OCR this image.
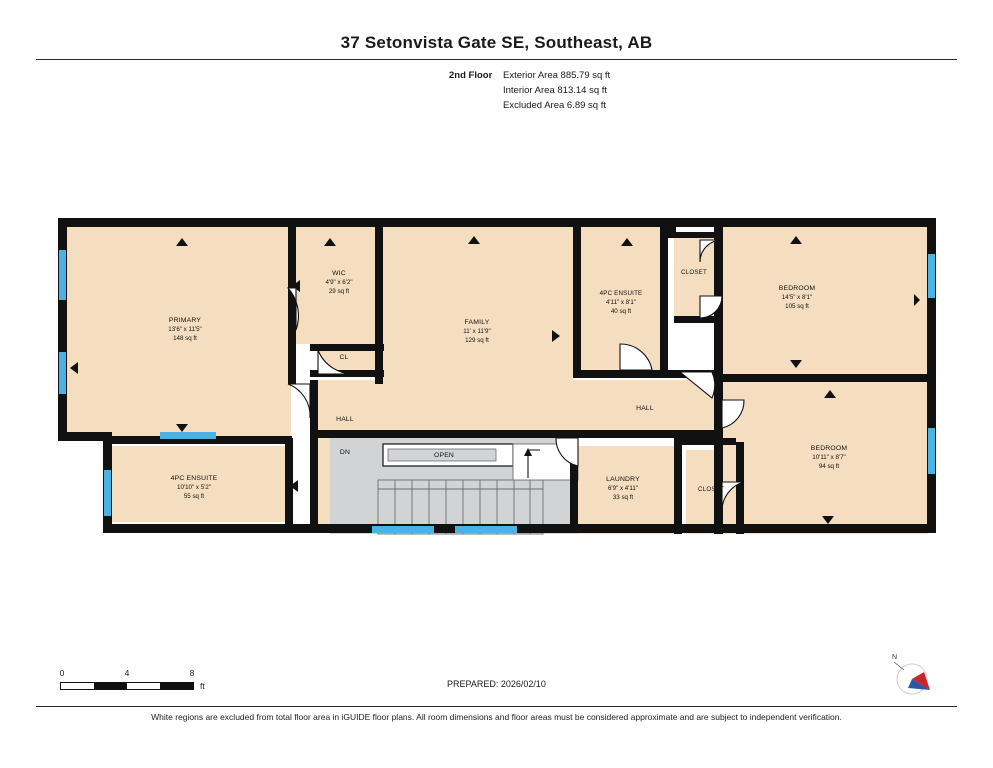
37 Setonvista Gate SE, Southeast, AB
2nd Floor Exterior Area 885.79 sq ft
Interior Area 813.14 sq ft
Excluded Area 6.89 sq ft
PRIMARY
13'6" x 11'5"
148 sq ft
WIC
4'9" x 6'2"
29 sq ft
CL
FAMILY
11' x 11'9"
129 sq ft
4PC ENSUITE
4'11" x 8'1"
40 sq ft
CLOSET
BEDROOM
14'5" x 8'1"
105 sq ft
HALL
HALL
DN	OPEN
4PC ENSUITE
10'10" x 5'2"
55 sq ft
LAUNDRY
6'9" x 4'11"
33 sq ft
CLOSET
BEDROOM
10'11" x 8'7"
94 sq ft
0	4	8
ft	PREPARED: 2026/02/10
N
White regions are excluded from total floor area in iGUIDE floor plans. All room dimensions and floor areas must be considered approximate and are subject to independent verification.
